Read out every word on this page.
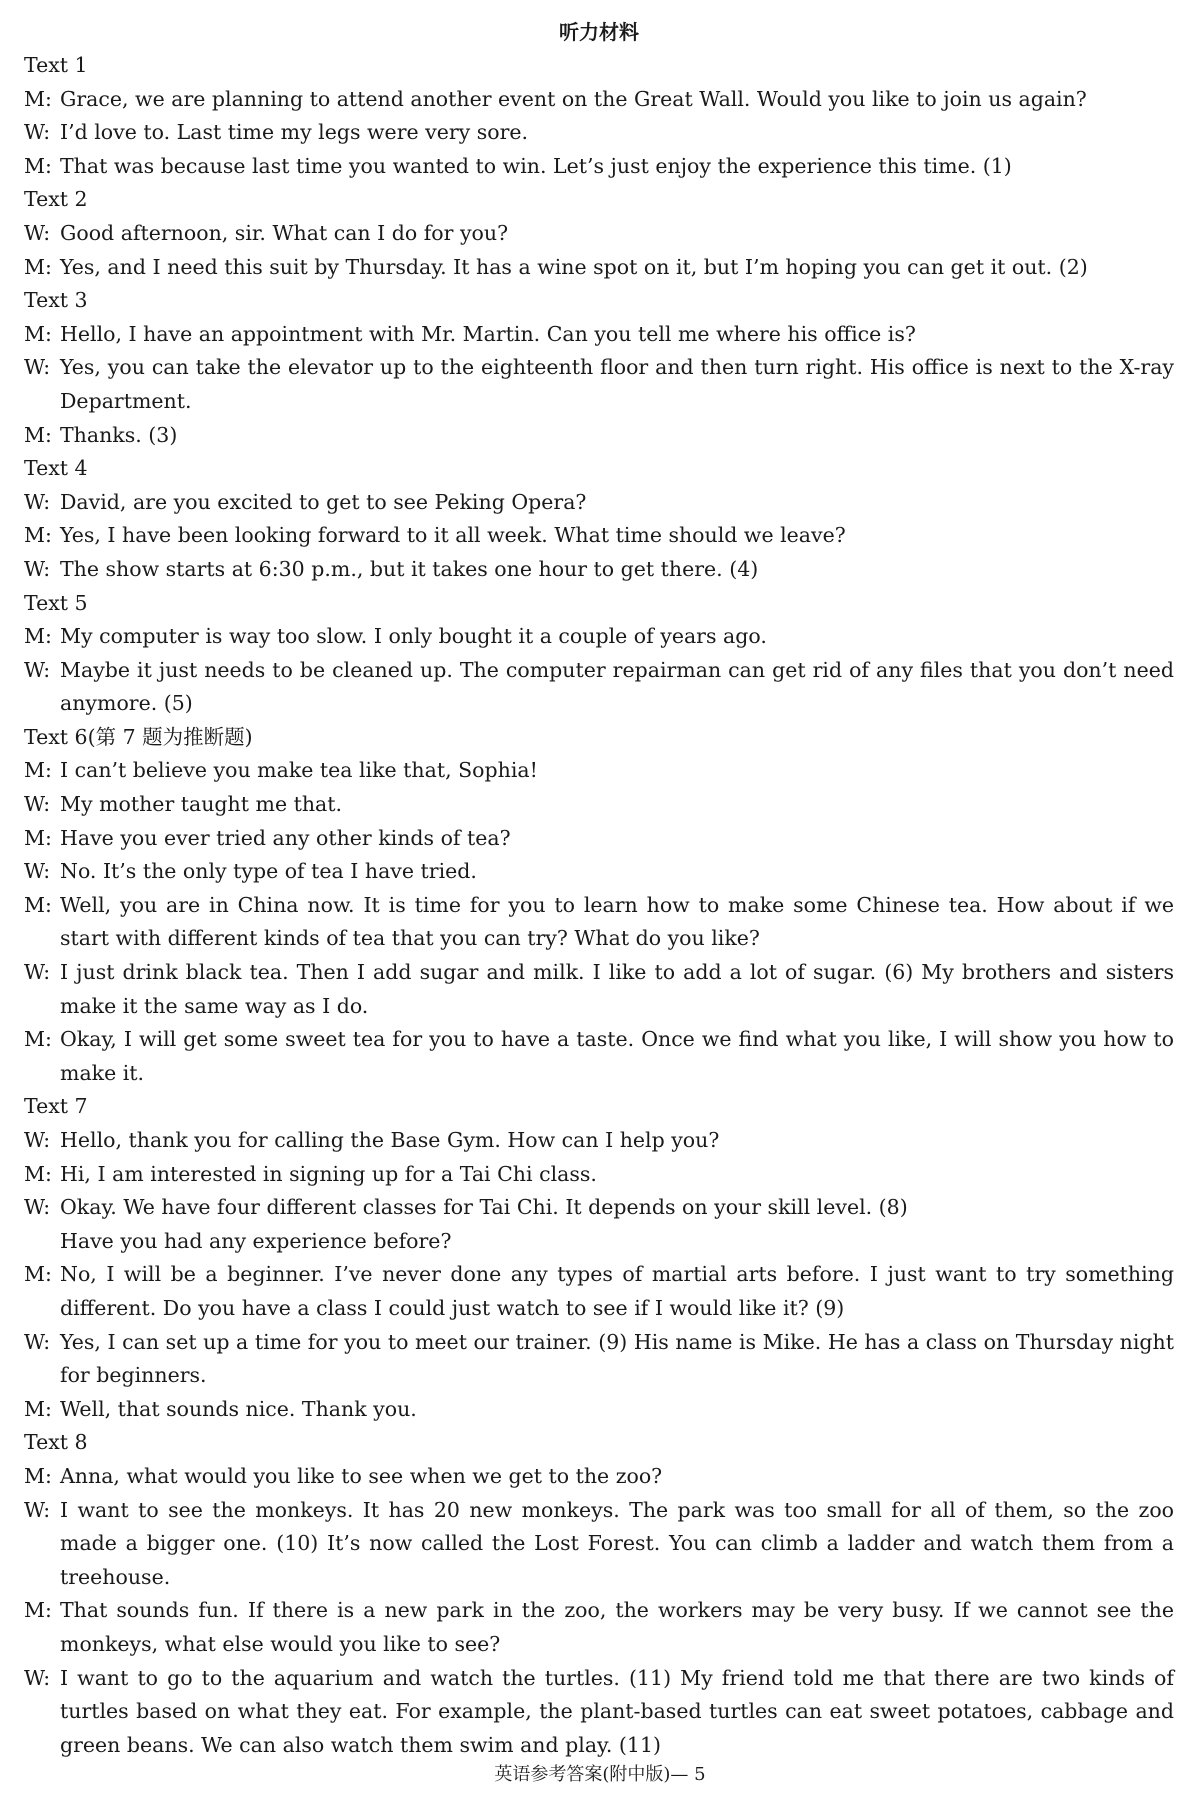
听力材料
Text 1
M: Grace, we are planning to attend another event on the Great Wall. Would you like to join us again?
W: I’d love to. Last time my legs were very sore.
M: That was because last time you wanted to win. Let’s just enjoy the experience this time. (1)
Text 2
W: Good afternoon, sir. What can I do for you?
M: Yes, and I need this suit by Thursday. It has a wine spot on it, but I’m hoping you can get it out. (2)
Text 3
M: Hello, I have an appointment with Mr. Martin. Can you tell me where his office is?
W: Yes, you can take the elevator up to the eighteenth floor and then turn right. His office is next to the X-ray Department.
M: Thanks. (3)
Text 4
W: David, are you excited to get to see Peking Opera?
M: Yes, I have been looking forward to it all week. What time should we leave?
W: The show starts at 6:30 p.m., but it takes one hour to get there. (4)
Text 5
M: My computer is way too slow. I only bought it a couple of years ago.
W: Maybe it just needs to be cleaned up. The computer repairman can get rid of any files that you don’t need anymore. (5)
Text 6(第 7 题为推断题)
M: I can’t believe you make tea like that, Sophia!
W: My mother taught me that.
M: Have you ever tried any other kinds of tea?
W: No. It’s the only type of tea I have tried.
M: Well, you are in China now. It is time for you to learn how to make some Chinese tea. How about if we start with different kinds of tea that you can try? What do you like?
W: I just drink black tea. Then I add sugar and milk. I like to add a lot of sugar. (6) My brothers and sisters make it the same way as I do.
M: Okay, I will get some sweet tea for you to have a taste. Once we find what you like, I will show you how to make it.
Text 7
W: Hello, thank you for calling the Base Gym. How can I help you?
M: Hi, I am interested in signing up for a Tai Chi class.
W: Okay. We have four different classes for Tai Chi. It depends on your skill level. (8)
Have you had any experience before?
M: No, I will be a beginner. I’ve never done any types of martial arts before. I just want to try something different. Do you have a class I could just watch to see if I would like it? (9)
W: Yes, I can set up a time for you to meet our trainer. (9) His name is Mike. He has a class on Thursday night for beginners.
M: Well, that sounds nice. Thank you.
Text 8
M: Anna, what would you like to see when we get to the zoo?
W: I want to see the monkeys. It has 20 new monkeys. The park was too small for all of them, so the zoo made a bigger one. (10) It’s now called the Lost Forest. You can climb a ladder and watch them from a treehouse.
M: That sounds fun. If there is a new park in the zoo, the workers may be very busy. If we cannot see the monkeys, what else would you like to see?
W: I want to go to the aquarium and watch the turtles. (11) My friend told me that there are two kinds of turtles based on what they eat. For example, the plant-based turtles can eat sweet potatoes, cabbage and green beans. We can also watch them swim and play. (11)
英语参考答案(附中版)— 5
